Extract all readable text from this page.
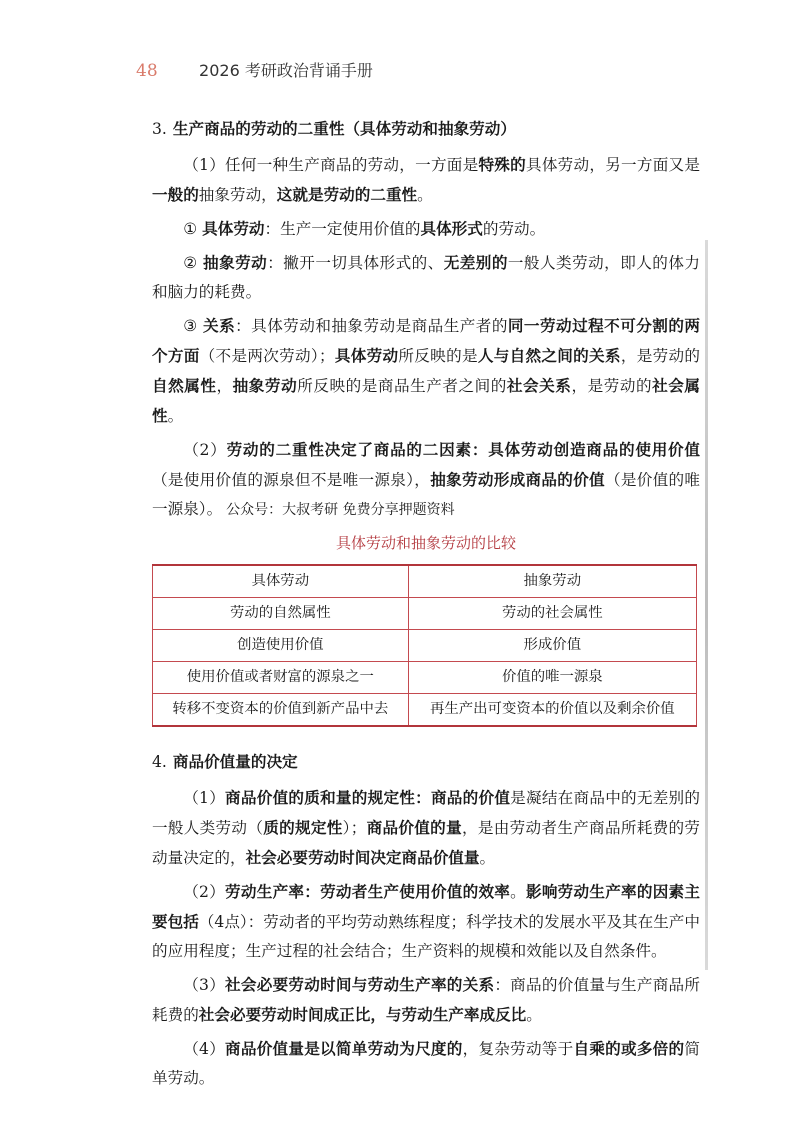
48	2026 考研政治背诵手册
3. 生产商品的劳动的二重性（具体劳动和抽象劳动）

（1）任何一种生产商品的劳动，一方面是特殊的具体劳动，另一方面又是一般的抽象劳动，这就是劳动的二重性。

① 具体劳动：生产一定使用价值的具体形式的劳动。

② 抽象劳动：撇开一切具体形式的、无差别的一般人类劳动，即人的体力和脑力的耗费。

③ 关系：具体劳动和抽象劳动是商品生产者的同一劳动过程不可分割的两个方面（不是两次劳动）；具体劳动所反映的是人与自然之间的关系，是劳动的自然属性，抽象劳动所反映的是商品生产者之间的社会关系，是劳动的社会属性。

（2）劳动的二重性决定了商品的二因素：具体劳动创造商品的使用价值（是使用价值的源泉但不是唯一源泉），抽象劳动形成商品的价值（是价值的唯一源泉）。 公众号：大叔考研 免费分享押题资料

具体劳动和抽象劳动的比较
具体劳动	抽象劳动
劳动的自然属性	劳动的社会属性
创造使用价值	形成价值
使用价值或者财富的源泉之一	价值的唯一源泉
转移不变资本的价值到新产品中去	再生产出可变资本的价值以及剩余价值
4. 商品价值量的决定

（1）商品价值的质和量的规定性：商品的价值是凝结在商品中的无差别的一般人类劳动（质的规定性）；商品价值的量，是由劳动者生产商品所耗费的劳动量决定的，社会必要劳动时间决定商品价值量。

（2）劳动生产率：劳动者生产使用价值的效率。影响劳动生产率的因素主要包括（4点）：劳动者的平均劳动熟练程度；科学技术的发展水平及其在生产中的应用程度；生产过程的社会结合；生产资料的规模和效能以及自然条件。

（3）社会必要劳动时间与劳动生产率的关系：商品的价值量与生产商品所耗费的社会必要劳动时间成正比，与劳动生产率成反比。

（4）商品价值量是以简单劳动为尺度的，复杂劳动等于自乘的或多倍的简单劳动。
